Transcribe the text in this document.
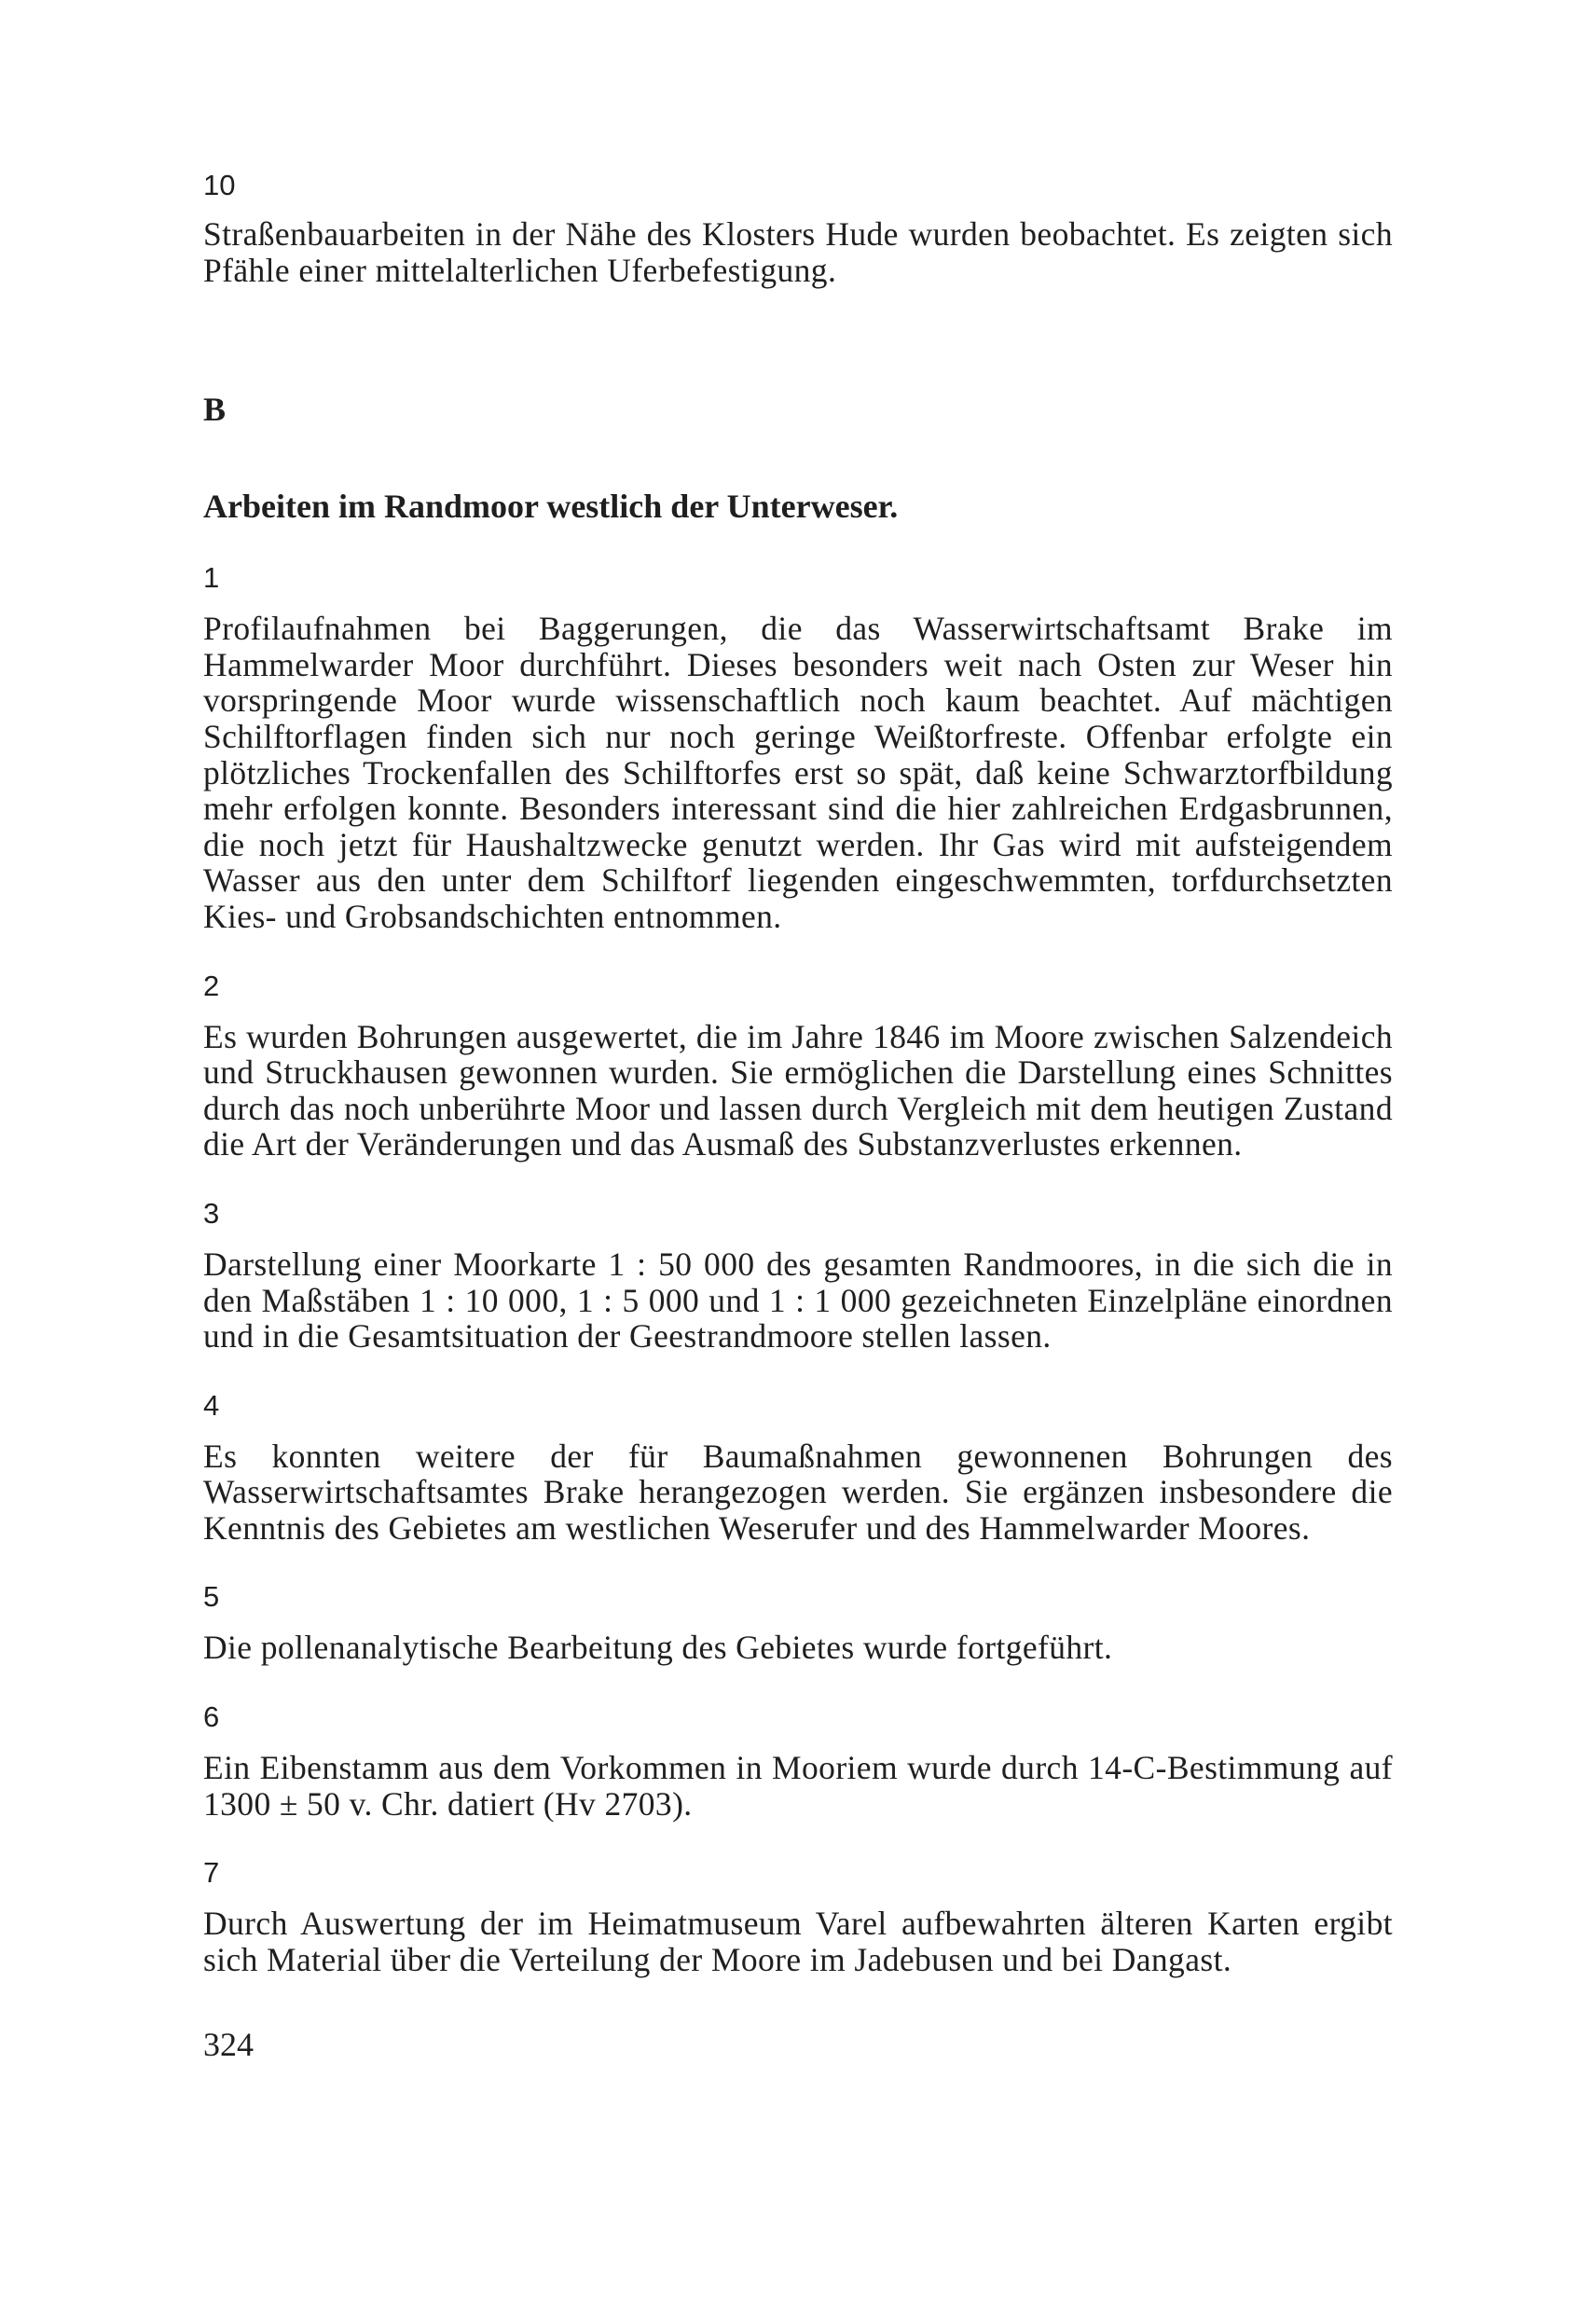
10

Straßenbauarbeiten in der Nähe des Klosters Hude wurden beobachtet. Es zeigten sich Pfähle einer mittelalterlichen Uferbefestigung.

B

Arbeiten im Randmoor westlich der Unterweser.

1

Profilaufnahmen bei Baggerungen, die das Wasserwirtschaftsamt Brake im Hammelwarder Moor durchführt. Dieses besonders weit nach Osten zur Weser hin vorspringende Moor wurde wissenschaftlich noch kaum beachtet. Auf mächtigen Schilftorflagen finden sich nur noch geringe Weißtorfreste. Offenbar erfolgte ein plötzliches Trockenfallen des Schilftorfes erst so spät, daß keine Schwarztorfbildung mehr erfolgen konnte. Besonders interessant sind die hier zahlreichen Erdgasbrunnen, die noch jetzt für Haushaltzwecke genutzt werden. Ihr Gas wird mit aufsteigendem Wasser aus den unter dem Schilftorf liegenden eingeschwemmten, torfdurchsetzten Kies- und Grobsandschichten entnommen.

2

Es wurden Bohrungen ausgewertet, die im Jahre 1846 im Moore zwischen Salzendeich und Struckhausen gewonnen wurden. Sie ermöglichen die Darstellung eines Schnittes durch das noch unberührte Moor und lassen durch Vergleich mit dem heutigen Zustand die Art der Veränderungen und das Ausmaß des Substanzverlustes erkennen.

3

Darstellung einer Moorkarte 1 : 50 000 des gesamten Randmoores, in die sich die in den Maßstäben 1 : 10 000, 1 : 5 000 und 1 : 1 000 gezeichneten Einzelpläne einordnen und in die Gesamtsituation der Geestrandmoore stellen lassen.

4

Es konnten weitere der für Baumaßnahmen gewonnenen Bohrungen des Wasserwirtschaftsamtes Brake herangezogen werden. Sie ergänzen insbesondere die Kenntnis des Gebietes am westlichen Weserufer und des Hammelwarder Moores.

5

Die pollenanalytische Bearbeitung des Gebietes wurde fortgeführt.

6

Ein Eibenstamm aus dem Vorkommen in Mooriem wurde durch 14-C-Bestimmung auf 1300 ± 50 v. Chr. datiert (Hv 2703).

7

Durch Auswertung der im Heimatmuseum Varel aufbewahrten älteren Karten ergibt sich Material über die Verteilung der Moore im Jadebusen und bei Dangast.

324
